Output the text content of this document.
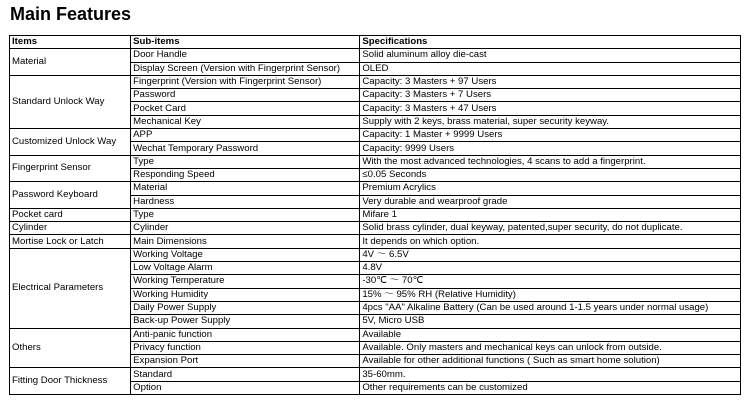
Main Features
Items	Sub-items	Specifications
Material	Door Handle	Solid aluminum alloy die-cast
	Display Screen (Version with Fingerprint Sensor)	OLED
Standard Unlock Way	Fingerprint (Version with Fingerprint Sensor)	Capacity: 3 Masters + 97 Users
	Password	Capacity: 3 Masters + 7 Users
	Pocket Card	Capacity: 3 Masters + 47 Users
	Mechanical Key	Supply with 2 keys, brass material, super security keyway.
Customized Unlock Way	APP	Capacity: 1 Master + 9999 Users
	Wechat Temporary Password	Capacity: 9999 Users
Fingerprint Sensor	Type	With the most advanced technologies, 4 scans to add a fingerprint.
	Responding Speed	≤0.05 Seconds
Password Keyboard	Material	Premium Acrylics
	Hardness	Very durable and wearproof grade
Pocket card	Type	Mifare 1
Cylinder	Cylinder	Solid brass cylinder, dual keyway, patented,super security, do not duplicate.
Mortise Lock or Latch	Main Dimensions	It depends on which option.
Electrical Parameters	Working Voltage	4V ～ 6.5V
	Low Voltage Alarm	4.8V
	Working Temperature	-30℃ ～ 70℃
	Working Humidity	15% ～ 95% RH (Relative Humidity)
	Daily Power Supply	4pcs "AA" Alkaline Battery (Can be used around 1-1.5 years under normal usage)
	Back-up Power Supply	5V, Micro USB
Others	Anti-panic function	Available
	Privacy function	Available. Only masters and mechanical keys can unlock from outside.
	Expansion Port	Available for other additional functions ( Such as smart home solution)
Fitting Door Thickness	Standard	35-60mm.
	Option	Other requirements can be customized
